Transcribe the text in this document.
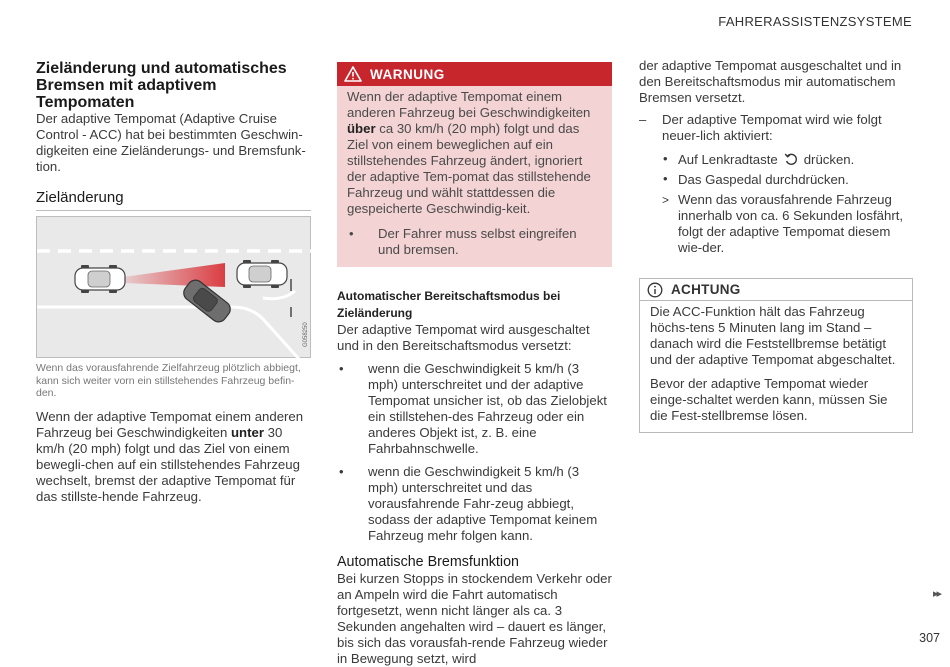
FAHRERASSISTENZSYSTEME
Zieländerung und automatisches Bremsen mit adaptivem Tempomaten

Der adaptive Tempomat (Adaptive Cruise Control - ACC) hat bei bestimmten Geschwin-digkeiten eine Zieländerungs- und Bremsfunk-tion.

Zieländerung
G058250

Wenn das vorausfahrende Zielfahrzeug plötzlich abbiegt, kann sich weiter vorn ein stillstehendes Fahrzeug befin-den.

Wenn der adaptive Tempomat einem anderen Fahrzeug bei Geschwindigkeiten unter 30 km/h (20 mph) folgt und das Ziel von einem bewegli-chen auf ein stillstehendes Fahrzeug wechselt, bremst der adaptive Tempomat für das stillste-hende Fahrzeug.

WARNUNG

Wenn der adaptive Tempomat einem anderen Fahrzeug bei Geschwindigkeiten über ca 30 km/h (20 mph) folgt und das Ziel von einem beweglichen auf ein stillstehendes Fahrzeug ändert, ignoriert der adaptive Tem-pomat das stillstehende Fahrzeug und wählt stattdessen die gespeicherte Geschwindig-keit.

• Der Fahrer muss selbst eingreifen und bremsen.
Automatischer Bereitschaftsmodus bei Zieländerung

Der adaptive Tempomat wird ausgeschaltet und in den Bereitschaftsmodus versetzt:

• wenn die Geschwindigkeit 5 km/h (3 mph) unterschreitet und der adaptive Tempomat unsicher ist, ob das Zielobjekt ein stillstehen-des Fahrzeug oder ein anderes Objekt ist, z. B. eine Fahrbahnschwelle.
• wenn die Geschwindigkeit 5 km/h (3 mph) unterschreitet und das vorausfahrende Fahr-zeug abbiegt, sodass der adaptive Tempomat keinem Fahrzeug mehr folgen kann.
Automatische Bremsfunktion

Bei kurzen Stopps in stockendem Verkehr oder an Ampeln wird die Fahrt automatisch fortgesetzt, wenn nicht länger als ca. 3 Sekunden angehalten wird – dauert es länger, bis sich das vorausfah-rende Fahrzeug wieder in Bewegung setzt, wird

der adaptive Tempomat ausgeschaltet und in den Bereitschaftsmodus mir automatischem Bremsen versetzt.

– Der adaptive Tempomat wird wie folgt neuer-lich aktiviert:

• Auf Lenkradtaste drücken.
• Das Gaspedal durchdrücken.

> Wenn das vorausfahrende Fahrzeug innerhalb von ca. 6 Sekunden losfährt, folgt der adaptive Tempomat diesem wie-der.

ACHTUNG

Die ACC-Funktion hält das Fahrzeug höchs-tens 5 Minuten lang im Stand – danach wird die Feststellbremse betätigt und der adaptive Tempomat abgeschaltet.

Bevor der adaptive Tempomat wieder einge-schaltet werden kann, müssen Sie die Fest-stellbremse lösen.

▸▸
307
